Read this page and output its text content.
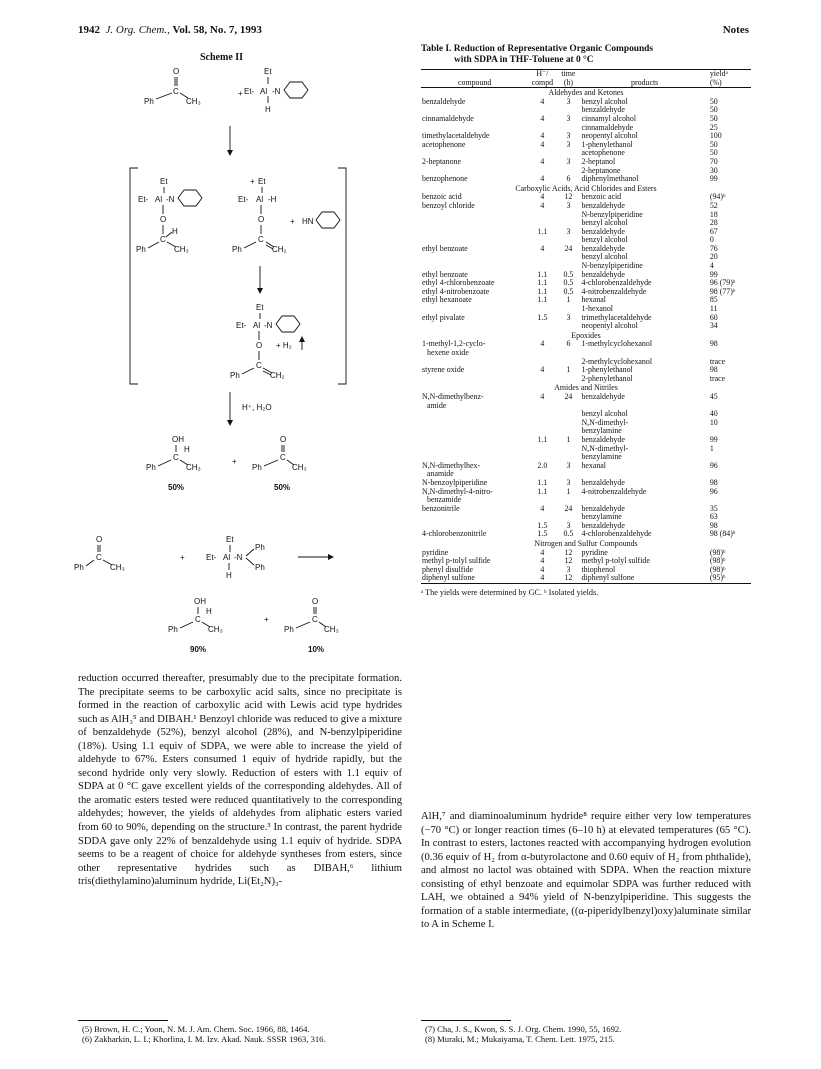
1942 J. Org. Chem., Vol. 58, No. 7, 1993	Notes
Scheme II
O
C
Ph	CH₃
+
Et
Et- Al -N
H
Et
Et- Al -N
O
C
H
Ph	CH₃
+ Et
Et- Al -H
O
C
Ph	CH₂
+ HN
Et
Et- Al -N
O + H₂
C
Ph	CH₂
H⁺, H₂O
OH
C
H
Ph	CH₃
+
O
C
Ph	CH₃
50%	50%
O
C
Ph	CH₃
+
Et
Et- Al -N
Ph
Ph
H
OH
C
H
Ph	CH₃
+
O
C
Ph	CH₃
90%	10%
reduction occurred thereafter, presumably due to the precipitate formation. The precipitate seems to be carboxylic acid salts, since no precipitate is formed in the reaction of carboxylic acid with Lewis acid type hydrides such as AlH₃⁵ and DIBAH.¹ Benzoyl chloride was reduced to give a mixture of benzaldehyde (52%), benzyl alcohol (28%), and N-benzylpiperidine (18%). Using 1.1 equiv of SDPA, we were able to increase the yield of aldehyde to 67%. Esters consumed 1 equiv of hydride rapidly, but the second hydride only very slowly. Reduction of esters with 1.1 equiv of SDPA at 0 °C gave excellent yields of the corresponding aldehydes. All of the aromatic esters tested were reduced quantitatively to the corresponding aldehydes; however, the yields of aldehydes from aliphatic esters varied from 60 to 90%, depending on the structure.³ In contrast, the parent hydride SDDA gave only 22% of benzaldehyde using 1.1 equiv of hydride. SDPA seems to be a reagent of choice for aldehyde syntheses from esters, since other representative hydrides such as DIBAH,⁶ lithium tris(diethylamino)aluminum hydride, Li(Et₂N)₃-
Table I. Reduction of Representative Organic Compounds
with SDPA in THF-Toluene at 0 °C
	H⁻/	time		yieldᵃ
compound	compd	(h)	products	(%)
Aldehydes and Ketones				
benzaldehyde	4	3	benzyl alcohol	50
			benzaldehyde	50
cinnamaldehyde	4	3	cinnamyl alcohol	50
			cinnamaldehyde	25
timethylacetaldehyde	4	3	neopentyl alcohol	100
acetophenone	4	3	1-phenylethanol	50
			acetophenone	50
2-heptanone	4	3	2-heptanol	70
			2-heptanone	30
benzophenone	4	6	diphenylmethanol	99
Carboxylic Acids, Acid Chlorides and Esters				
benzoic acid	4	12	benzoic acid	(94)ᵇ
benzoyl chloride	4	3	benzaldehyde	52
			N-benzylpiperidine	18
			benzyl alcohol	28
	1.1	3	benzaldehyde	67
			benzyl alcohol	0
ethyl benzoate	4	24	benzaldehyde	76
			benzyl alcohol	20
			N-benzylpiperidine	4
ethyl benzoate	1.1	0.5	benzaldehyde	99
ethyl 4-chlorobenzoate	1.1	0.5	4-chlorobenzaldehyde	96 (79)ᵇ
ethyl 4-nitrobenzoate	1.1	0.5	4-nitrobenzaldehyde	98 (77)ᵇ
ethyl hexanoate	1.1	1	hexanal	85
			1-hexanol	11
ethyl pivalate	1.5	3	trimethylacetaldehyde	60
			neopentyl alcohol	34
Epoxides				
1-methyl-1,2-cyclo-	4	6	1-methylcyclohexanol	98
hexene oxide				
			2-methylcyclohexanol	trace
styrene oxide	4	1	1-phenylethanol	98
			2-phenylethanol	trace
Amides and Nitriles				
N,N-dimethylbenz-	4	24	benzaldehyde	45
amide				
			benzyl alcohol	40
			N,N-dimethyl-	10
			benzylamine	
	1.1	1	benzaldehyde	99
			N,N-dimethyl-	1
			benzylamine	
N,N-dimethylhex-	2.0	3	hexanal	96
anamide				
N-benzoylpiperidine	1.1	3	benzaldehyde	98
N,N-dimethyl-4-nitro-	1.1	1	4-nitrobenzaldehyde	96
benzamide				
benzonitrile	4	24	benzaldehyde	35
			benzylamine	63
	1.5	3	benzaldehyde	98
4-chlorobenzonitrile	1.5	0.5	4-chlorobenzaldehyde	98 (84)ᵇ
Nitrogen and Sulfur Compounds				
pyridine	4	12	pyridine	(98)ᵇ
methyl p-tolyl sulfide	4	12	methyl p-tolyl sulfide	(98)ᵇ
phenyl disulfide	4	3	thiophenol	(98)ᵇ
diphenyl sulfone	4	12	diphenyl sulfone	(95)ᵇ
ᵃ The yields were determined by GC. ᵇ Isolated yields.
AlH,⁷ and diaminoaluminum hydride⁸ require either very low temperatures (−70 °C) or longer reaction times (6–10 h) at elevated temperatures (65 °C). In contrast to esters, lactones reacted with accompanying hydrogen evolution (0.36 equiv of H₂ from α-butyrolactone and 0.60 equiv of H₂ from phthalide), and almost no lactol was obtained with SDPA. When the reaction mixture consisting of ethyl benzoate and equimolar SDPA was further reduced with LAH, we obtained a 94% yield of N-benzylpiperidine. This suggests the formation of a stable intermediate, ((α-piperidylbenzyl)oxy)aluminate similar to A in Scheme I.
(5) Brown, H. C.; Yoon, N. M. J. Am. Chem. Soc. 1966, 88, 1464.
(6) Zakharkin, L. I.; Khorlina, I. M. Izv. Akad. Nauk. SSSR 1963, 316.
(7) Cha, J. S., Kwon, S. S. J. Org. Chem. 1990, 55, 1692.
(8) Muraki, M.; Mukaiyama, T. Chem. Lett. 1975, 215.
